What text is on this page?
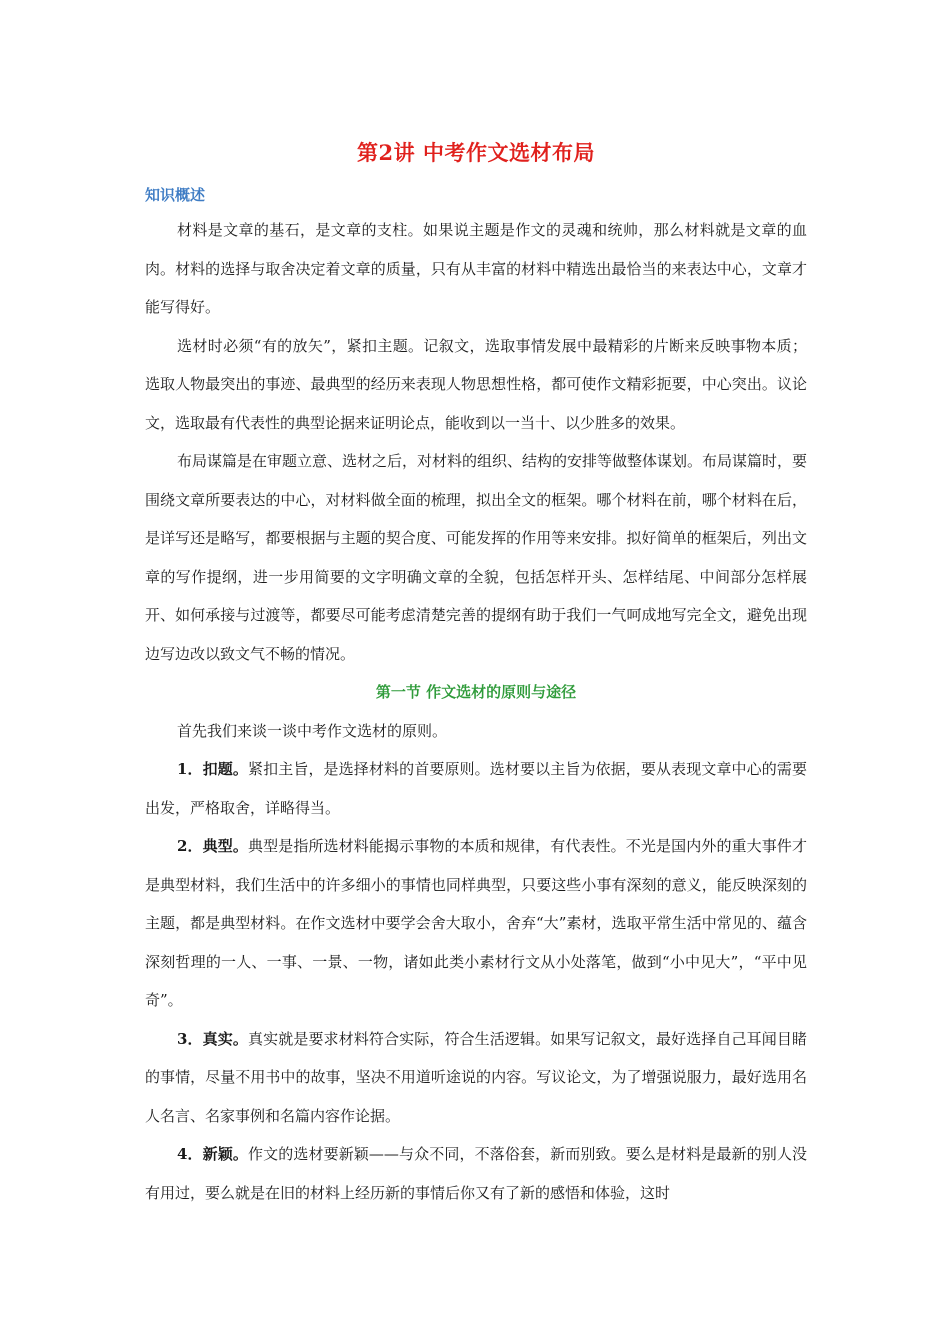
第2讲 中考作文选材布局
知识概述

材料是文章的基石，是文章的支柱。如果说主题是作文的灵魂和统帅，那么材料就是文章的血肉。材料的选择与取舍决定着文章的质量，只有从丰富的材料中精选出最恰当的来表达中心，文章才能写得好。

选材时必须“有的放矢”，紧扣主题。记叙文，选取事情发展中最精彩的片断来反映事物本质；选取人物最突出的事迹、最典型的经历来表现人物思想性格，都可使作文精彩扼要，中心突出。议论文，选取最有代表性的典型论据来证明论点，能收到以一当十、以少胜多的效果。

布局谋篇是在审题立意、选材之后，对材料的组织、结构的安排等做整体谋划。布局谋篇时，要围绕文章所要表达的中心，对材料做全面的梳理，拟出全文的框架。哪个材料在前，哪个材料在后，是详写还是略写，都要根据与主题的契合度、可能发挥的作用等来安排。拟好简单的框架后，列出文章的写作提纲，进一步用简要的文字明确文章的全貌，包括怎样开头、怎样结尾、中间部分怎样展开、如何承接与过渡等，都要尽可能考虑清楚完善的提纲有助于我们一气呵成地写完全文，避免出现边写边改以致文气不畅的情况。

第一节 作文选材的原则与途径

首先我们来谈一谈中考作文选材的原则。

1．扣题。紧扣主旨，是选择材料的首要原则。选材要以主旨为依据，要从表现文章中心的需要出发，严格取舍，详略得当。

2．典型。典型是指所选材料能揭示事物的本质和规律，有代表性。不光是国内外的重大事件才是典型材料，我们生活中的许多细小的事情也同样典型，只要这些小事有深刻的意义，能反映深刻的主题，都是典型材料。在作文选材中要学会舍大取小，舍弃“大”素材，选取平常生活中常见的、蕴含深刻哲理的一人、一事、一景、一物，诸如此类小素材行文从小处落笔，做到“小中见大”，“平中见奇”。

3．真实。真实就是要求材料符合实际，符合生活逻辑。如果写记叙文，最好选择自己耳闻目睹的事情，尽量不用书中的故事，坚决不用道听途说的内容。写议论文，为了增强说服力，最好选用名人名言、名家事例和名篇内容作论据。

4．新颖。作文的选材要新颖——与众不同，不落俗套，新而别致。要么是材料是最新的别人没有用过，要么就是在旧的材料上经历新的事情后你又有了新的感悟和体验，这时
